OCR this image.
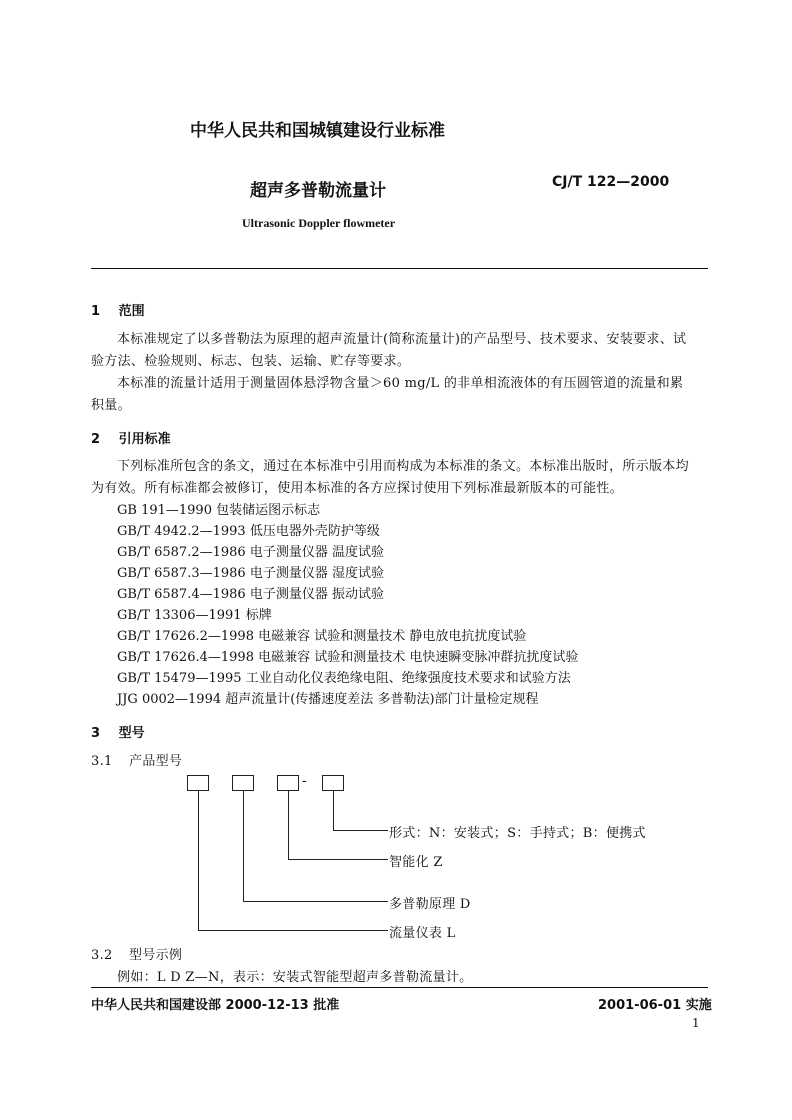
中华人民共和国城镇建设行业标准
超声多普勒流量计	CJ/T 122—2000
Ultrasonic Doppler flowmeter
1 范围
本标准规定了以多普勒法为原理的超声流量计(简称流量计)的产品型号、技术要求、安装要求、试
验方法、检验规则、标志、包装、运输、贮存等要求。
本标准的流量计适用于测量固体悬浮物含量＞60 mg/L 的非单相流液体的有压圆管道的流量和累
积量。
2 引用标准
下列标准所包含的条文，通过在本标准中引用而构成为本标准的条文。本标准出版时，所示版本均
为有效。所有标准都会被修订，使用本标准的各方应探讨使用下列标准最新版本的可能性。
GB 191—1990 包装储运图示标志
GB/T 4942.2—1993 低压电器外壳防护等级
GB/T 6587.2—1986 电子测量仪器 温度试验
GB/T 6587.3—1986 电子测量仪器 湿度试验
GB/T 6587.4—1986 电子测量仪器 振动试验
GB/T 13306—1991 标牌
GB/T 17626.2—1998 电磁兼容 试验和测量技术 静电放电抗扰度试验
GB/T 17626.4—1998 电磁兼容 试验和测量技术 电快速瞬变脉冲群抗扰度试验
GB/T 15479—1995 工业自动化仪表绝缘电阻、绝缘强度技术要求和试验方法
JJG 0002—1994 超声流量计(传播速度差法 多普勒法)部门计量检定规程
3 型号
3.1 产品型号
-
形式：N：安装式；S：手持式；B：便携式
智能化 Z
多普勒原理 D
流量仪表 L
3.2 型号示例
例如：L D Z—N，表示：安装式智能型超声多普勒流量计。
中华人民共和国建设部 2000-12-13 批准	2001-06-01 实施
1
